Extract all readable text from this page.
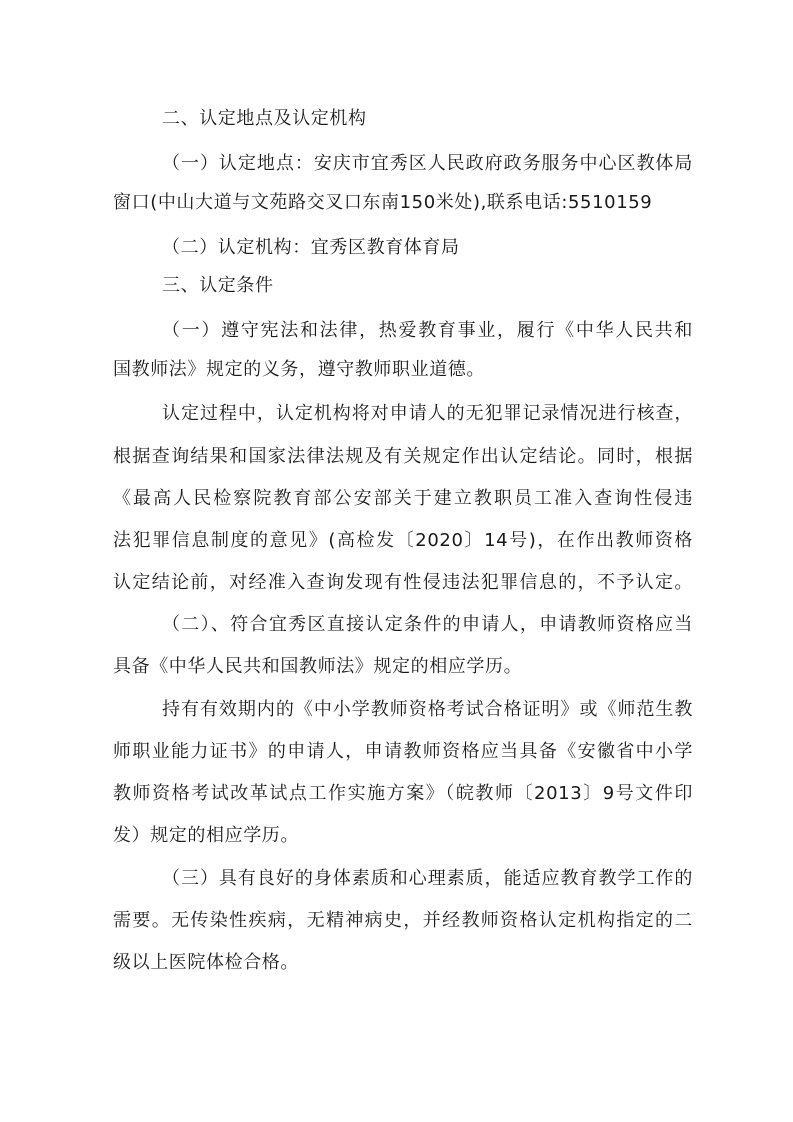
二、认定地点及认定机构
（一）认定地点：安庆市宜秀区人民政府政务服务中心区教体局
窗口(中山大道与文苑路交叉口东南150米处),联系电话:5510159
（二）认定机构：宜秀区教育体育局
三、认定条件
（一）遵守宪法和法律，热爱教育事业，履行《中华人民共和
国教师法》规定的义务，遵守教师职业道德。
认定过程中，认定机构将对申请人的无犯罪记录情况进行核查，
根据查询结果和国家法律法规及有关规定作出认定结论。同时，根据
《最高人民检察院教育部公安部关于建立教职员工准入查询性侵违
法犯罪信息制度的意见》(高检发〔2020〕14号)，在作出教师资格
认定结论前，对经准入查询发现有性侵违法犯罪信息的，不予认定。
（二）、符合宜秀区直接认定条件的申请人，申请教师资格应当
具备《中华人民共和国教师法》规定的相应学历。
持有有效期内的《中小学教师资格考试合格证明》或《师范生教
师职业能力证书》的申请人，申请教师资格应当具备《安徽省中小学
教师资格考试改革试点工作实施方案》（皖教师〔2013〕9号文件印
发）规定的相应学历。
（三）具有良好的身体素质和心理素质，能适应教育教学工作的
需要。无传染性疾病，无精神病史，并经教师资格认定机构指定的二
级以上医院体检合格。
